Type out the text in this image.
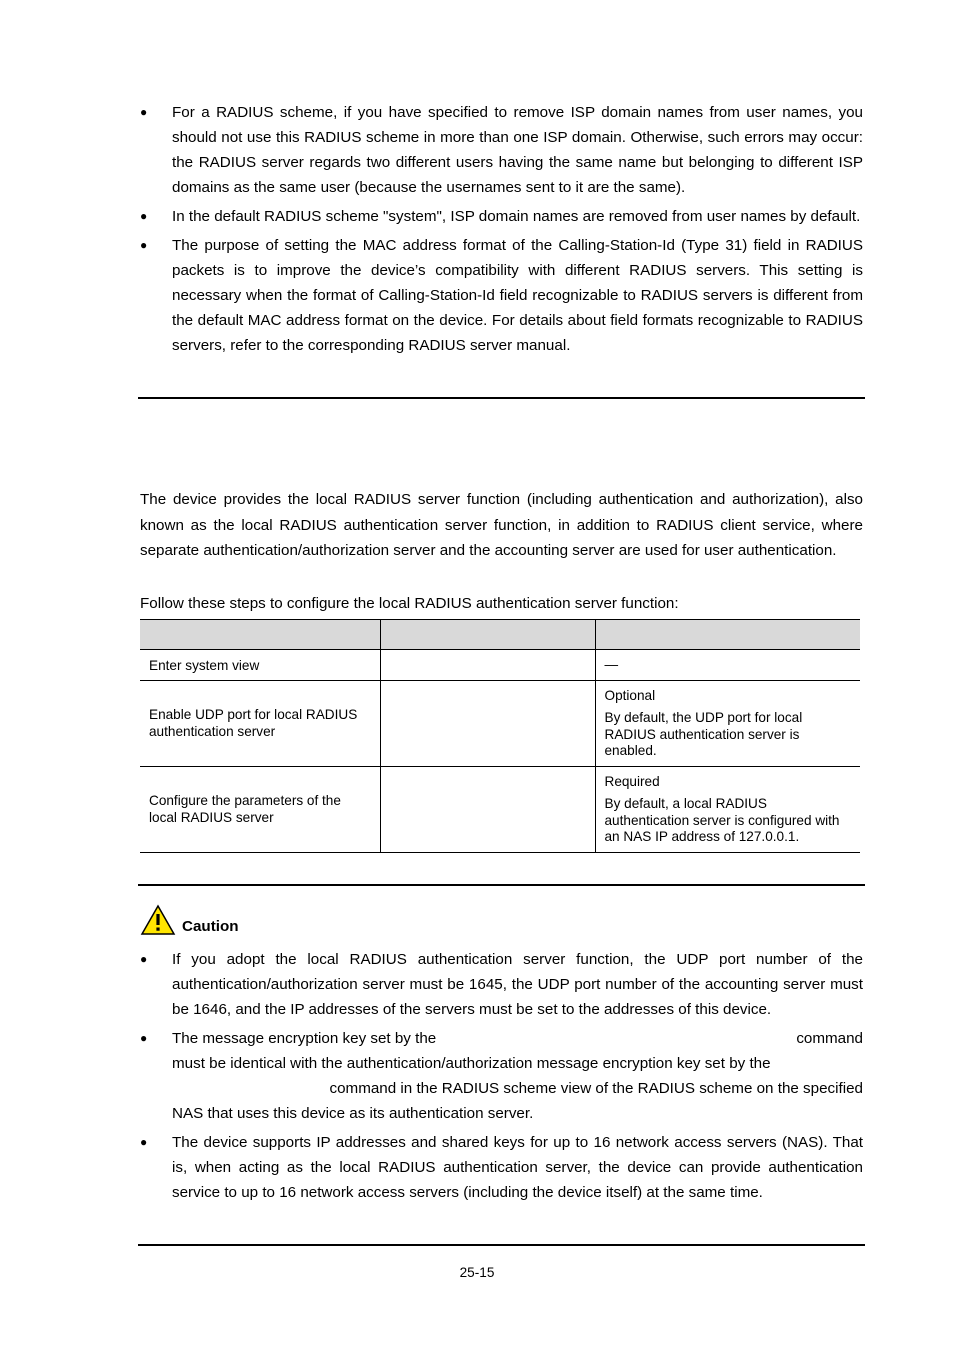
● For a RADIUS scheme, if you have specified to remove ISP domain names from user names, you should not use this RADIUS scheme in more than one ISP domain. Otherwise, such errors may occur: the RADIUS server regards two different users having the same name but belonging to different ISP domains as the same user (because the usernames sent to it are the same).
● In the default RADIUS scheme "system", ISP domain names are removed from user names by default.
● The purpose of setting the MAC address format of the Calling-Station-Id (Type 31) field in RADIUS packets is to improve the device’s compatibility with different RADIUS servers. This setting is necessary when the format of Calling-Station-Id field recognizable to RADIUS servers is different from the default MAC address format on the device. For details about field formats recognizable to RADIUS servers, refer to the corresponding RADIUS server manual.
The device provides the local RADIUS server function (including authentication and authorization), also known as the local RADIUS authentication server function, in addition to RADIUS client service, where separate authentication/authorization server and the accounting server are used for user authentication.
Follow these steps to configure the local RADIUS authentication server function:

Enter system view		—

Enable UDP port for local RADIUS authentication server		Optional

By default, the UDP port for local RADIUS authentication server is enabled.

Configure the parameters of the local RADIUS server		Required

By default, a local RADIUS authentication server is configured with an NAS IP address of 127.0.0.1.

Caution
● If you adopt the local RADIUS authentication server function, the UDP port number of the authentication/authorization server must be 1645, the UDP port number of the accounting server must be 1646, and the IP addresses of the servers must be set to the addresses of this device.
● The message encryption key set by the	command
must be identical with the authentication/authorization message encryption key set by the
command in the RADIUS scheme view of the RADIUS scheme on the specified
NAS that uses this device as its authentication server.
● The device supports IP addresses and shared keys for up to 16 network access servers (NAS). That is, when acting as the local RADIUS authentication server, the device can provide authentication service to up to 16 network access servers (including the device itself) at the same time.
25-15
